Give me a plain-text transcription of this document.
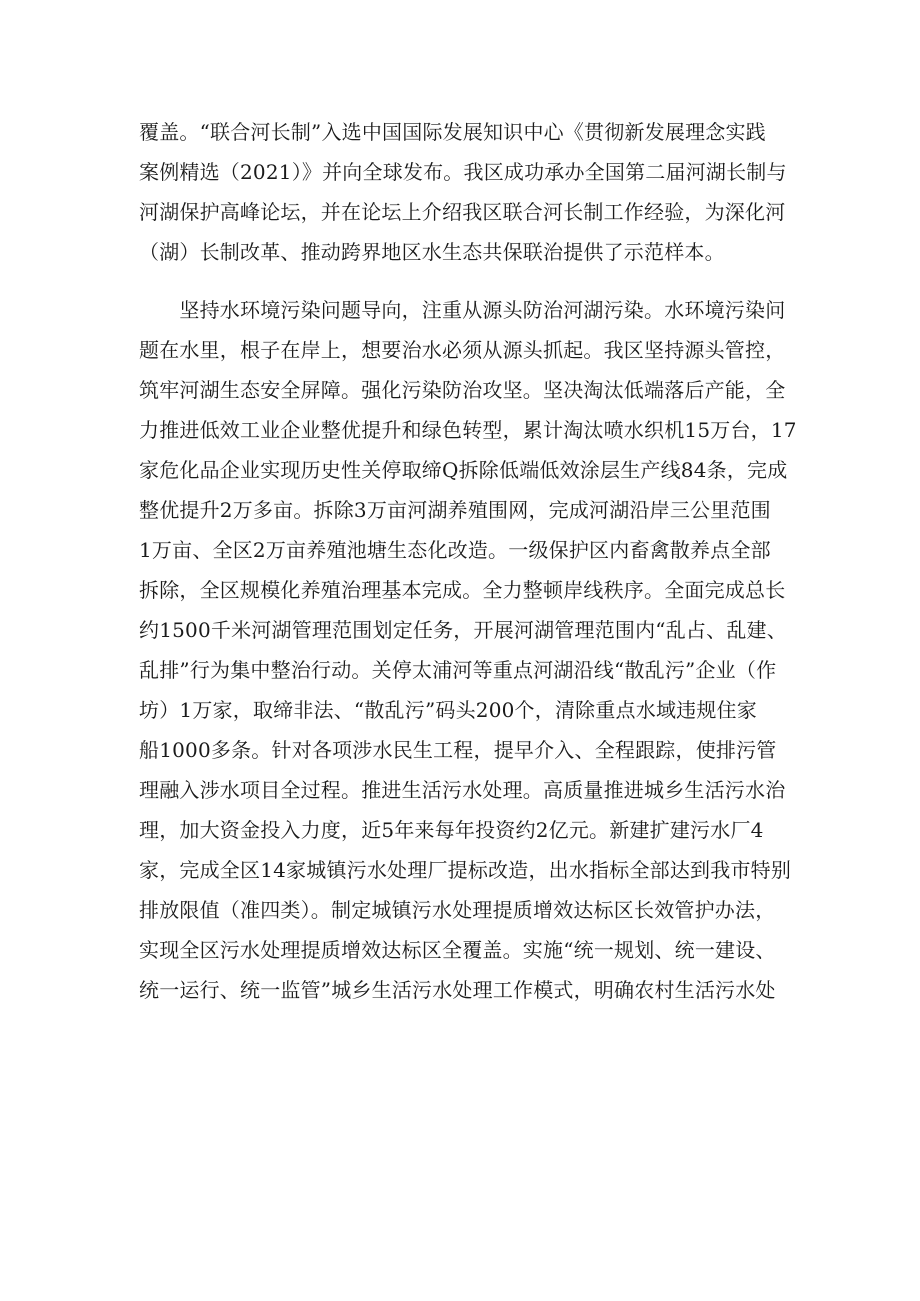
覆盖。“联合河长制”入选中国国际发展知识中心《贯彻新发展理念实践
案例精选（2021）》并向全球发布。我区成功承办全国第二届河湖长制与
河湖保护高峰论坛，并在论坛上介绍我区联合河长制工作经验，为深化河
（湖）长制改革、推动跨界地区水生态共保联治提供了示范样本。
　　坚持水环境污染问题导向，注重从源头防治河湖污染。水环境污染问
题在水里，根子在岸上，想要治水必须从源头抓起。我区坚持源头管控，
筑牢河湖生态安全屏障。强化污染防治攻坚。坚决淘汰低端落后产能，全
力推进低效工业企业整优提升和绿色转型，累计淘汰喷水织机15万台，17
家危化品企业实现历史性关停取缔Q拆除低端低效涂层生产线84条，完成
整优提升2万多亩。拆除3万亩河湖养殖围网，完成河湖沿岸三公里范围
1万亩、全区2万亩养殖池塘生态化改造。一级保护区内畜禽散养点全部
拆除，全区规模化养殖治理基本完成。全力整顿岸线秩序。全面完成总长
约1500千米河湖管理范围划定任务，开展河湖管理范围内“乱占、乱建、
乱排”行为集中整治行动。关停太浦河等重点河湖沿线“散乱污”企业（作
坊）1万家，取缔非法、“散乱污”码头200个，清除重点水域违规住家
船1000多条。针对各项涉水民生工程，提早介入、全程跟踪，使排污管
理融入涉水项目全过程。推进生活污水处理。高质量推进城乡生活污水治
理，加大资金投入力度，近5年来每年投资约2亿元。新建扩建污水厂4
家，完成全区14家城镇污水处理厂提标改造，出水指标全部达到我市特别
排放限值（准四类）。制定城镇污水处理提质增效达标区长效管护办法，
实现全区污水处理提质增效达标区全覆盖。实施“统一规划、统一建设、
统一运行、统一监管”城乡生活污水处理工作模式，明确农村生活污水处
